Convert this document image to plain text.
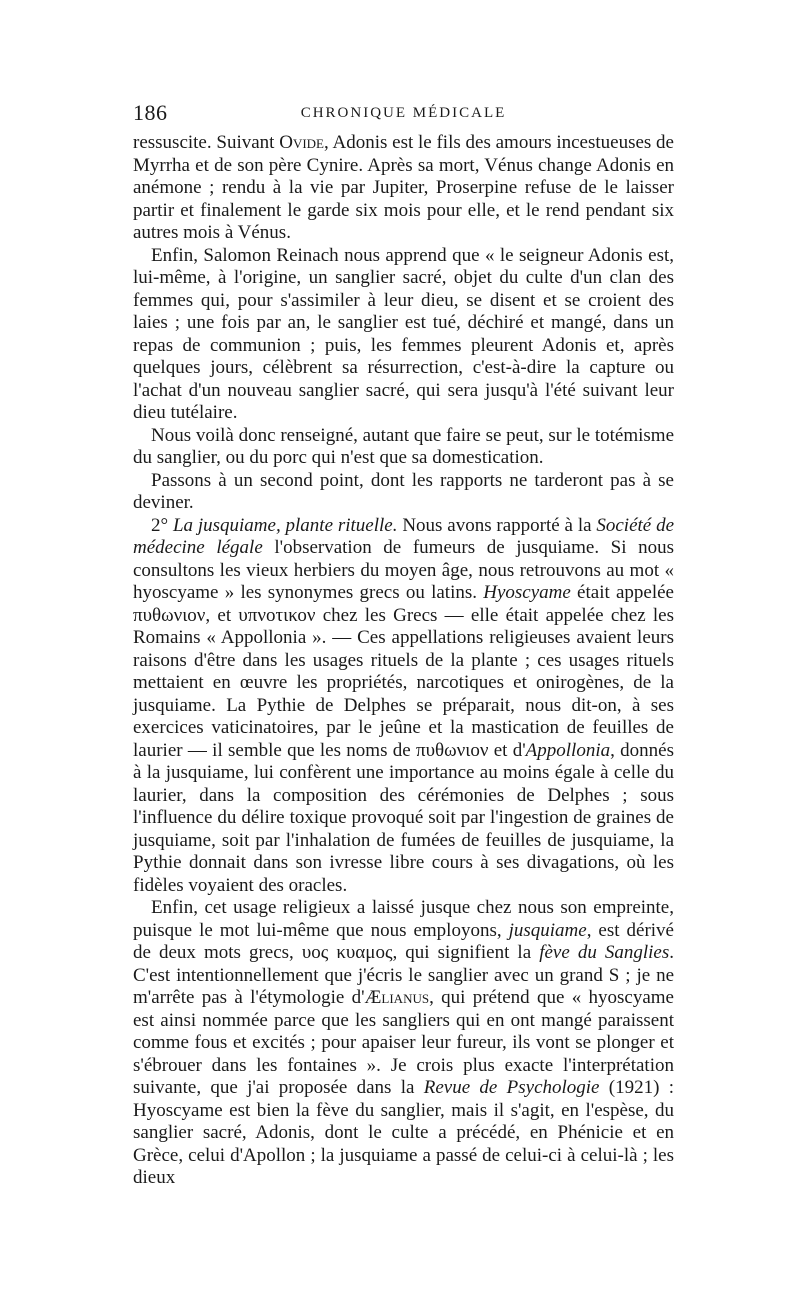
186	CHRONIQUE MÉDICALE

ressuscite. Suivant Ovide, Adonis est le fils des amours incestueuses de Myrrha et de son père Cynire. Après sa mort, Vénus change Adonis en anémone ; rendu à la vie par Jupiter, Proserpine refuse de le laisser partir et finalement le garde six mois pour elle, et le rend pendant six autres mois à Vénus.

Enfin, Salomon Reinach nous apprend que « le seigneur Adonis est, lui-même, à l'origine, un sanglier sacré, objet du culte d'un clan des femmes qui, pour s'assimiler à leur dieu, se disent et se croient des laies ; une fois par an, le sanglier est tué, déchiré et mangé, dans un repas de communion ; puis, les femmes pleurent Adonis et, après quelques jours, célèbrent sa résurrection, c'est-à-dire la capture ou l'achat d'un nouveau sanglier sacré, qui sera jusqu'à l'été suivant leur dieu tutélaire.

Nous voilà donc renseigné, autant que faire se peut, sur le totémisme du sanglier, ou du porc qui n'est que sa domestication.

Passons à un second point, dont les rapports ne tarderont pas à se deviner.

2° La jusquiame, plante rituelle. Nous avons rapporté à la Société de médecine légale l'observation de fumeurs de jusquiame. Si nous consultons les vieux herbiers du moyen âge, nous retrouvons au mot « hyoscyame » les synonymes grecs ou latins. Hyoscyame était appelée πυθωνιον, et υπνοτικον chez les Grecs — elle était appelée chez les Romains « Appollonia ». — Ces appellations religieuses avaient leurs raisons d'être dans les usages rituels de la plante ; ces usages rituels mettaient en œuvre les propriétés, narcotiques et onirogènes, de la jusquiame. La Pythie de Delphes se préparait, nous dit-on, à ses exercices vaticinatoires, par le jeûne et la mastication de feuilles de laurier — il semble que les noms de πυθωνιον et d'Appollonia, donnés à la jusquiame, lui confèrent une importance au moins égale à celle du laurier, dans la composition des cérémonies de Delphes ; sous l'influence du délire toxique provoqué soit par l'ingestion de graines de jusquiame, soit par l'inhalation de fumées de feuilles de jusquiame, la Pythie donnait dans son ivresse libre cours à ses divagations, où les fidèles voyaient des oracles.

Enfin, cet usage religieux a laissé jusque chez nous son empreinte, puisque le mot lui-même que nous employons, jusquiame, est dérivé de deux mots grecs, υος κυαμος, qui signifient la fève du Sanglies. C'est intentionnellement que j'écris le sanglier avec un grand S ; je ne m'arrête pas à l'étymologie d'Ælianus, qui prétend que « hyoscyame est ainsi nommée parce que les sangliers qui en ont mangé paraissent comme fous et excités ; pour apaiser leur fureur, ils vont se plonger et s'ébrouer dans les fontaines ». Je crois plus exacte l'interprétation suivante, que j'ai proposée dans la Revue de Psychologie (1921) : Hyoscyame est bien la fève du sanglier, mais il s'agit, en l'espèse, du sanglier sacré, Adonis, dont le culte a précédé, en Phénicie et en Grèce, celui d'Apollon ; la jusquiame a passé de celui-ci à celui-là ; les dieux
